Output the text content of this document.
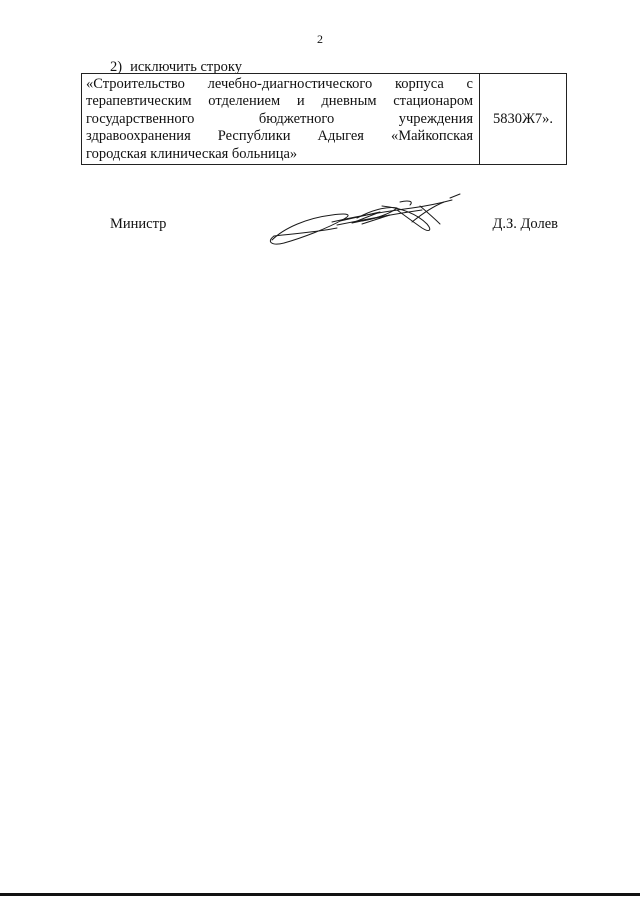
2
2) исключить строку
«Строительство лечебно-диагностического корпуса с
терапевтическим отделением и дневным стационаром
государственного бюджетного учреждения
здравоохранения Республики Адыгея «Майкопская
городская клиническая больница»
5830Ж7».
Министр	Д.З. Долев
